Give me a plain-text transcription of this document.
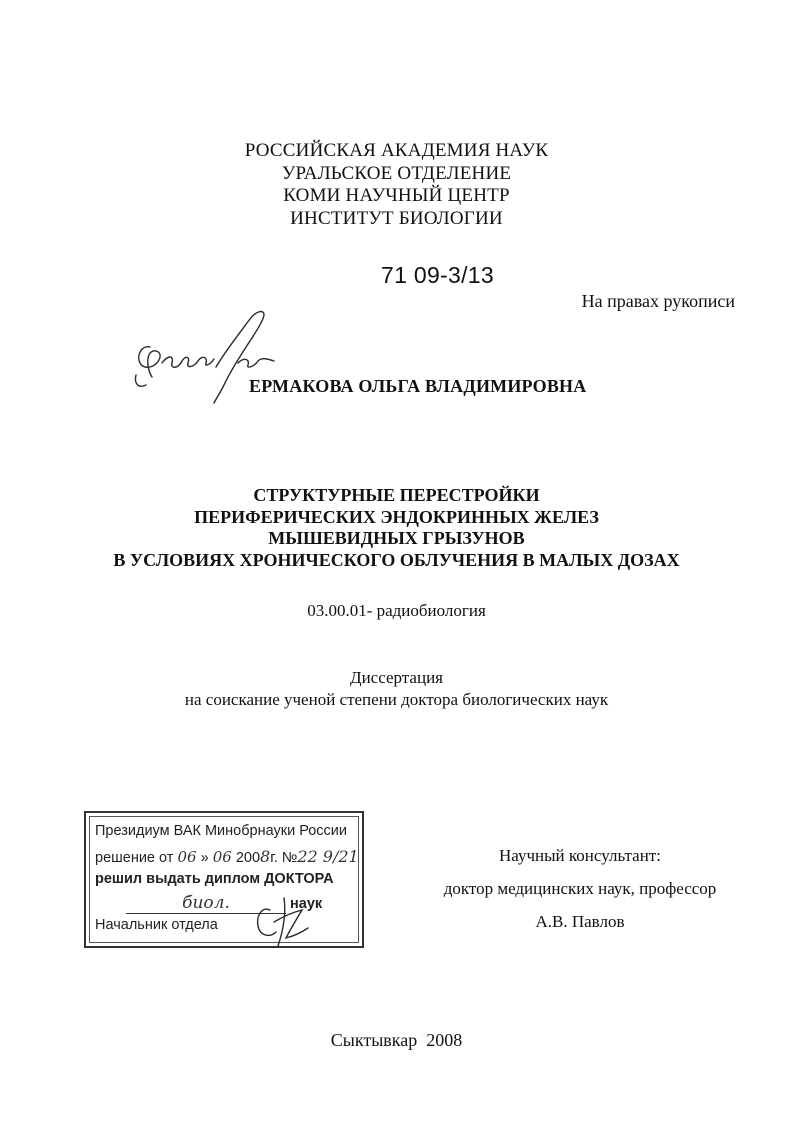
РОССИЙСКАЯ АКАДЕМИЯ НАУК
УРАЛЬСКОЕ ОТДЕЛЕНИЕ
КОМИ НАУЧНЫЙ ЦЕНТР
ИНСТИТУТ БИОЛОГИИ
71 09-3/13
На правах рукописи
ЕРМАКОВА ОЛЬГА ВЛАДИМИРОВНА
СТРУКТУРНЫЕ ПЕРЕСТРОЙКИ
ПЕРИФЕРИЧЕСКИХ ЭНДОКРИННЫХ ЖЕЛЕЗ
МЫШЕВИДНЫХ ГРЫЗУНОВ
В УСЛОВИЯХ ХРОНИЧЕСКОГО ОБЛУЧЕНИЯ В МАЛЫХ ДОЗАХ
03.00.01- радиобиология
Диссертация
на соискание ученой степени доктора биологических наук
Президиум ВАК Минобрнауки России
решение от 06 » 06 2008г. №22 9/21
решил выдать диплом ДОКТОРА
биол.	наук
Начальник отдела
Научный консультант:
доктор медицинских наук, профессор
А.В. Павлов
Сыктывкар  2008
